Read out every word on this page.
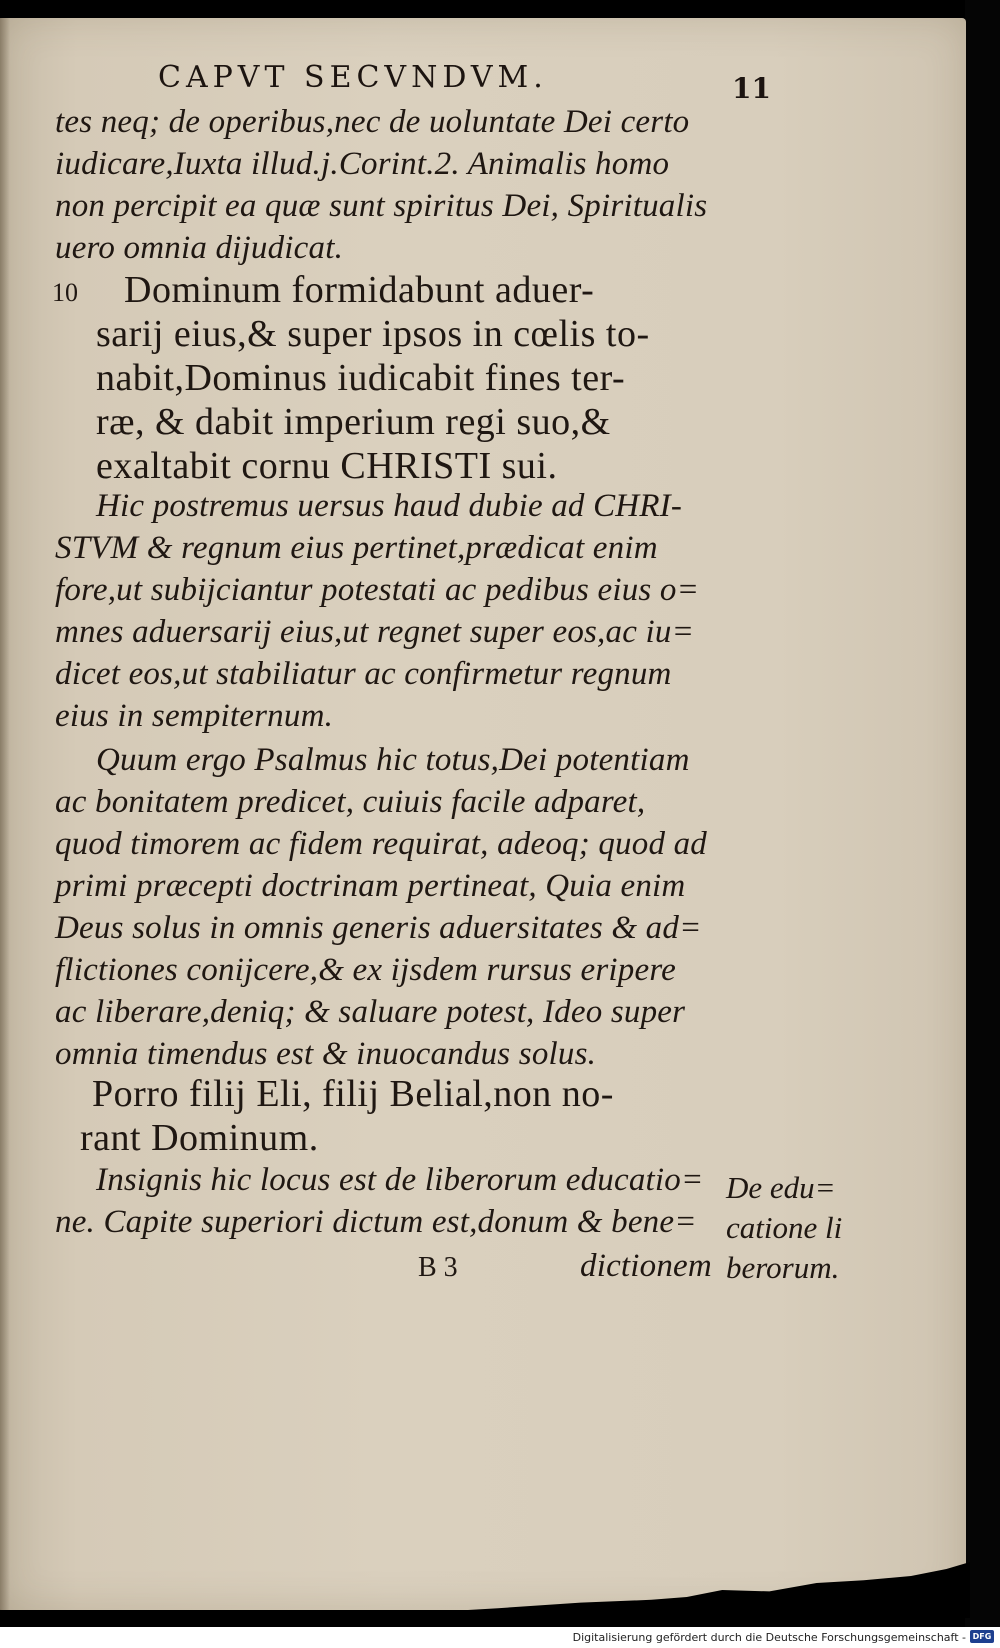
CAPVT SECVNDVM.	11
tes neq; de operibus,nec de uoluntate Dei certo
iudicare,Iuxta illud.j.Corint.2. Animalis homo
non percipit ea quæ sunt spiritus Dei, Spiritualis
uero omnia dijudicat.
10 Dominum formidabunt aduer-
sarij eius,& super ipsos in cœlis to-
nabit,Dominus iudicabit fines ter-
ræ, & dabit imperium regi suo,&
exaltabit cornu CHRISTI sui.
Hic postremus uersus haud dubie ad CHRI-
STVM & regnum eius pertinet,prædicat enim
fore,ut subijciantur potestati ac pedibus eius o=
mnes aduersarij eius,ut regnet super eos,ac iu=
dicet eos,ut stabiliatur ac confirmetur regnum
eius in sempiternum.
Quum ergo Psalmus hic totus,Dei potentiam
ac bonitatem predicet, cuiuis facile adparet,
quod timorem ac fidem requirat, adeoq; quod ad
primi præcepti doctrinam pertineat, Quia enim
Deus solus in omnis generis aduersitates & ad=
flictiones conijcere,& ex ijsdem rursus eripere
ac liberare,deniq; & saluare potest, Ideo super
omnia timendus est & inuocandus solus.
Porro filij Eli, filij Belial,non no-
rant Dominum.
Insignis hic locus est de liberorum educatio=
ne. Capite superiori dictum est,donum & bene=
B 3	dictionem
De edu=
catione li
berorum.
Digitalisierung gefördert durch die Deutsche Forschungsgemeinschaft - DFG
